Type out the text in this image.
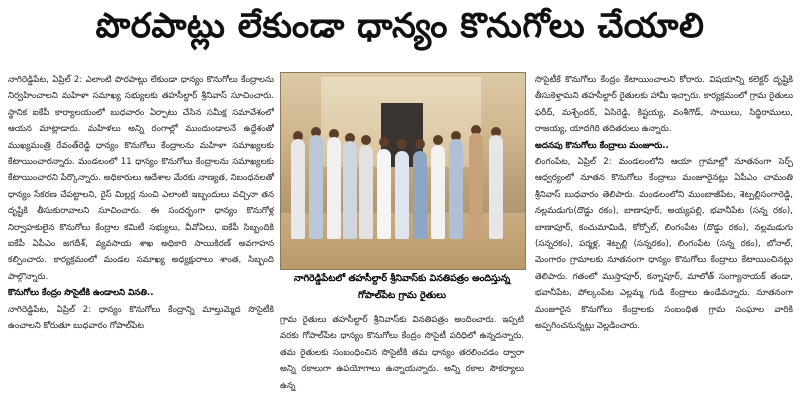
పొరపాట్లు లేకుండా ధాన్యం కొనుగోలు చేయాలి

నాగిరెడ్డిపేట, ఏప్రిల్ 2: ఎలాంటి పొరపాట్లు లేకుండా ధాన్యం కొనుగోలు కేంద్రాలను నిర్వహించాలని మహిళా సమాఖ్య సభ్యులకు తహసీల్దార్ శ్రీనివాస్ సూచించారు. స్థానిక ఐకేపీ కార్యాలయంలో బుధవారం ఏర్పాటు చేసిన సమీక్ష సమావేశంలో ఆయన మాట్లాడారు. మహిళలు అన్ని రంగాల్లో ముందుండాలనే ఉద్దేశంతో ముఖ్యమంత్రి రేవంత్‌రెడ్డి ధాన్యం కొనుగోలు కేంద్రాలను మహిళా సమాఖ్యలకు కేటాయించారన్నారు. మండలంలో 11 ధాన్యం కొనుగోలు కేంద్రాలను సమాఖ్యలకు కేటాయించారని పేర్కొన్నారు. అధికారులు ఆదేశాల మేరకు నాణ్యత, నిబంధనలతో ధాన్యం సేకరణ చేపట్టాలని, రైస్ మిల్లర్ల నుంచి ఎలాంటి ఇబ్బందులు వచ్చినా తన దృష్టికి తీసుకురావాలని సూచించారు. ఈ సందర్భంగా ధాన్యం కొనుగోళ్ల నిర్వాహకులైన కొనుగోలు కేంద్రాల కమిటీ సభ్యులు, వీవోఏలు, ఐకేపీ సిబ్బందికి ఐకేపీ ఏపీఎం జగదీశ్, వ్యవసాయ శాఖ అధికారి సాయికిరణ్ అవగాహన కల్పించారు. కార్యక్రమంలో మండల సమాఖ్య అధ్యక్షురాలు శాంత, సిబ్బంది పాల్గొన్నారు.

కొనుగోలు కేంద్రం సొసైటీకి ఉండాలని వినతి..

నాగిరెడ్డిపేట, ఏప్రిల్ 2: ధాన్యం కొనుగోలు కేంద్రాన్ని మాల్తుమ్మెద సొసైటీకి ఉంచాలని కోరుతూ బుధవారం గోపాల్‌పేట

నాగిరెడ్డిపేటలో తహసీల్దార్ శ్రీనివాస్‌కు వినతిపత్రం అందిస్తున్న గోపాల్‌పేట గ్రామ రైతులు

గ్రామ రైతులు తహసీల్దార్ శ్రీనివాస్‌కు వినతిపత్రం అందించారు. ఇప్పటి వరకు గోపాల్‌పేట ధాన్యం కొనుగోలు కేంద్రం సొసైటీ పరిధిలో ఉన్నదన్నారు. తమ రైతులకు సంబంధించిన సొసైటీకి తమ ధాన్యం తరలించడం ద్వారా అన్ని రకాలుగా ఉపయోగాలు ఉన్నాయన్నారు. అన్ని రకాల సౌకర్యాలు ఉన్న

సొసైటీకే కొనుగోలు కేంద్రం కేటాయించాలని కోరారు. విషయాన్ని కలెక్టర్ దృష్టికి తీసుకెళ్తామని తహసీల్దార్ రైతులకు హామీ ఇచ్చారు. కార్యక్రమంలో గ్రామ రైతులు ఫరీద్, మశ్చేందర్, ఏసిరెడ్డి, కిష్టయ్య, వంశీగౌడ్, సాయిలు, సిద్ధిరాములు, రాజయ్య, యాదగిరి తదితరులు ఉన్నారు.

అదనపు కొనుగోలు కేంద్రాలు మంజూరు..

లింగంపేట, ఏప్రిల్ 2: మండలంలోని ఆయా గ్రామాల్లో నూతనంగా సెర్ప్ ఆధ్వర్యంలో నూతన కొనుగోలు కేంద్రాలు మంజూరైనట్లు ఏపీఎం చామంతి శ్రీనివాస్ బుధవారం తెలిపారు. మండలంలోని ముంబాజీపేట, శెట్పల్లిసంగారెడ్డి, నల్లమడుగు(దొడ్డు రకం), బాణాపూర్, అయ్యపల్లి, భవానీపేట (సన్న రకం), బాణాపూర్, కంచుమామిడి, కోర్పోల్, లింగంపేట (దొడ్డు రకం), నల్లమడుగు (సన్నరకం), పర్మళ్ల, శెట్పల్లి (సన్నరకం), లింగంపేట (సన్న రకం), బోనాల్, మెంగారం గ్రామాలకు నూతనంగా ధాన్యం కొనుగోలు కేంద్రాలు కేటాయించినట్లు తెలిపారు. గతంలో ముస్తాపూర్, కన్నాపూర్, మాలోత్ సంగ్యానాయక్ తండా, భవానీపేట, పోల్కంపేట ఎల్లమ్మ గుడి కేంద్రాలు ఉండేవన్నారు. నూతనంగా మంజూరైన కొనుగోలు కేంద్రాలకు సంబంధిత గ్రామ సంఘాల వారికి అప్పగించనున్నట్లు వెల్లడించారు.
